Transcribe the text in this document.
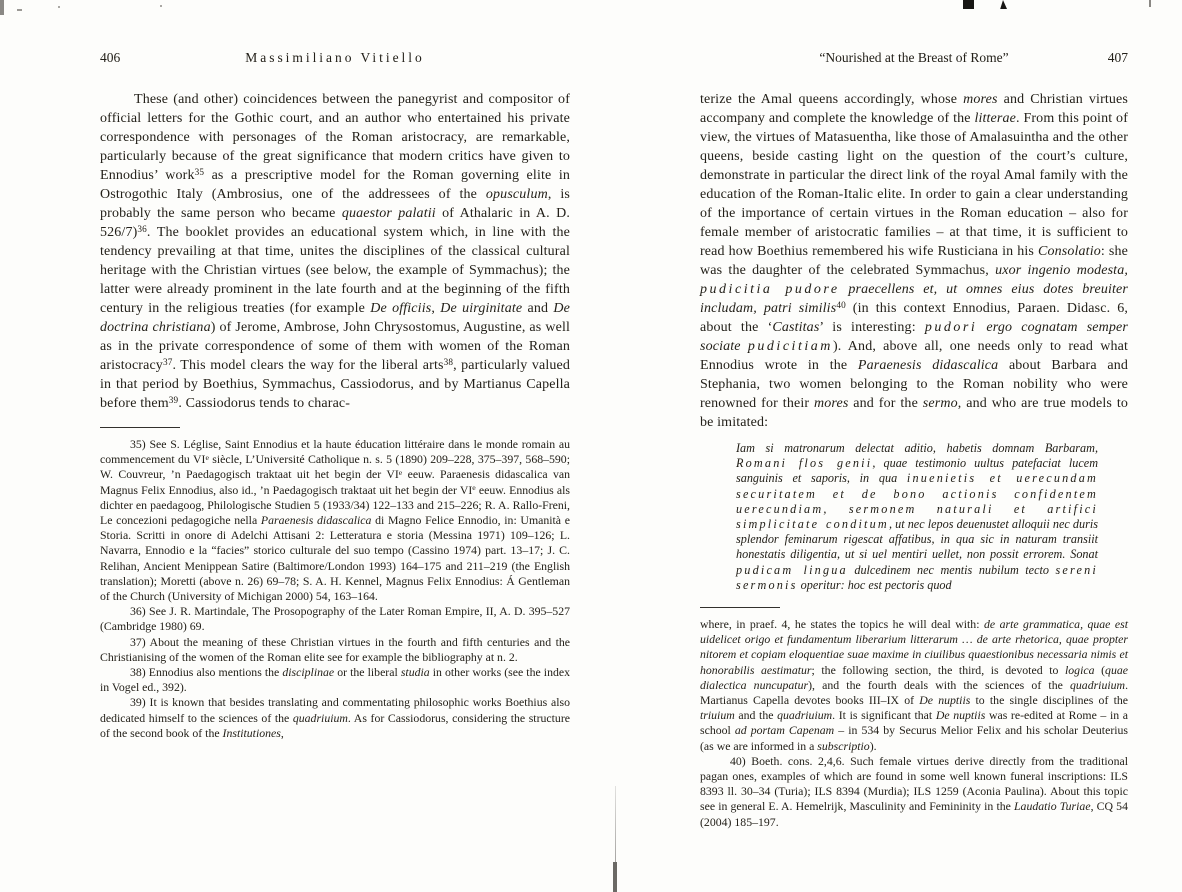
406	Massimiliano Vitiello

These (and other) coincidences between the panegyrist and compositor of official letters for the Gothic court, and an author who entertained his private correspondence with personages of the Roman aristocracy, are remarkable, particularly because of the great significance that modern critics have given to Ennodius’ work$^{35}$ as a prescriptive model for the Roman governing elite in Ostrogothic Italy (Ambrosius, one of the addressees of the opusculum, is probably the same person who became quaestor palatii of Athalaric in A. D. 526/7)$^{36}$. The booklet provides an educational system which, in line with the tendency prevailing at that time, unites the disciplines of the classical cultural heritage with the Christian virtues (see below, the example of Symmachus); the latter were already prominent in the late fourth and at the beginning of the fifth century in the religious treaties (for example De officiis, De uirginitate and De doctrina christiana) of Jerome, Ambrose, John Chrysostomus, Augustine, as well as in the private correspondence of some of them with women of the Roman aristocracy$^{37}$. This model clears the way for the liberal arts$^{38}$, particularly valued in that period by Boethius, Symmachus, Cassiodorus, and by Martianus Capella before them$^{39}$. Cassiodorus tends to charac-

35) See S. Léglise, Saint Ennodius et la haute éducation littéraire dans le monde romain au commencement du VIe siècle, L’Université Catholique n. s. 5 (1890) 209–228, 375–397, 568–590; W. Couvreur, ’n Paedagogisch traktaat uit het begin der VIe eeuw. Paraenesis didascalica van Magnus Felix Ennodius, also id., ’n Paedagogisch traktaat uit het begin der VIe eeuw. Ennodius als dichter en paedagoog, Philologische Studien 5 (1933/34) 122–133 and 215–226; R. A. Rallo-Freni, Le concezioni pedagogiche nella Paraenesis didascalica di Magno Felice Ennodio, in: Umanità e Storia. Scritti in onore di Adelchi Attisani 2: Letteratura e storia (Messina 1971) 109–126; L. Navarra, Ennodio e la “facies” storico culturale del suo tempo (Cassino 1974) part. 13–17; J. C. Relihan, Ancient Menippean Satire (Baltimore/London 1993) 164–175 and 211–219 (the English translation); Moretti (above n. 26) 69–78; S. A. H. Kennel, Magnus Felix Ennodius: Á Gentleman of the Church (University of Michigan 2000) 54, 163–164.

36) See J. R. Martindale, The Prosopography of the Later Roman Empire, II, A. D. 395–527 (Cambridge 1980) 69.

37) About the meaning of these Christian virtues in the fourth and fifth centuries and the Christianising of the women of the Roman elite see for example the bibliography at n. 2.

38) Ennodius also mentions the disciplinae or the liberal studia in other works (see the index in Vogel ed., 392).

39) It is known that besides translating and commentating philosophic works Boethius also dedicated himself to the sciences of the quadriuium. As for Cassiodorus, considering the structure of the second book of the Institutiones,

“Nourished at the Breast of Rome”	407

terize the Amal queens accordingly, whose mores and Christian virtues accompany and complete the knowledge of the litterae. From this point of view, the virtues of Matasuentha, like those of Amalasuintha and the other queens, beside casting light on the question of the court’s culture, demonstrate in particular the direct link of the royal Amal family with the education of the Roman-Italic elite. In order to gain a clear understanding of the importance of certain virtues in the Roman education – also for female member of aristocratic families – at that time, it is sufficient to read how Boethius remembered his wife Rusticiana in his Consolatio: she was the daughter of the celebrated Symmachus, uxor ingenio modesta, pudicitia pudore praecellens et, ut omnes eius dotes breuiter includam, patri similis$^{40}$ (in this context Ennodius, Paraen. Didasc. 6, about the ‘Castitas’ is interesting: pudori ergo cognatam semper sociate pudicitiam). And, above all, one needs only to read what Ennodius wrote in the Paraenesis didascalica about Barbara and Stephania, two women belonging to the Roman nobility who were renowned for their mores and for the sermo, and who are true models to be imitated:

Iam si matronarum delectat aditio, habetis domnam Barbaram, Romani flos genii, quae testimonio uultus patefaciat lucem sanguinis et saporis, in qua inuenietis et uerecundam securitatem et de bono actionis confidentem uerecundiam, sermonem naturali et artifici simplicitate conditum, ut nec lepos deuenustet alloquii nec duris splendor feminarum rigescat affatibus, in qua sic in naturam transiit honestatis diligentia, ut si uel mentiri uellet, non possit errorem. Sonat pudicam lingua dulcedinem nec mentis nubilum tecto sereni sermonis operitur: hoc est pectoris quod

where, in praef. 4, he states the topics he will deal with: de arte grammatica, quae est uidelicet origo et fundamentum liberarium litterarum … de arte rhetorica, quae propter nitorem et copiam eloquentiae suae maxime in ciuilibus quaestionibus necessaria nimis et honorabilis aestimatur; the following section, the third, is devoted to logica (quae dialectica nuncupatur), and the fourth deals with the sciences of the quadriuium. Martianus Capella devotes books III–IX of De nuptiis to the single disciplines of the triuium and the quadriuium. It is significant that De nuptiis was re-edited at Rome – in a school ad portam Capenam – in 534 by Securus Melior Felix and his scholar Deuterius (as we are informed in a subscriptio).

40) Boeth. cons. 2,4,6. Such female virtues derive directly from the traditional pagan ones, examples of which are found in some well known funeral inscriptions: ILS 8393 ll. 30–34 (Turia); ILS 8394 (Murdia); ILS 1259 (Aconia Paulina). About this topic see in general E. A. Hemelrijk, Masculinity and Femininity in the Laudatio Turiae, CQ 54 (2004) 185–197.
